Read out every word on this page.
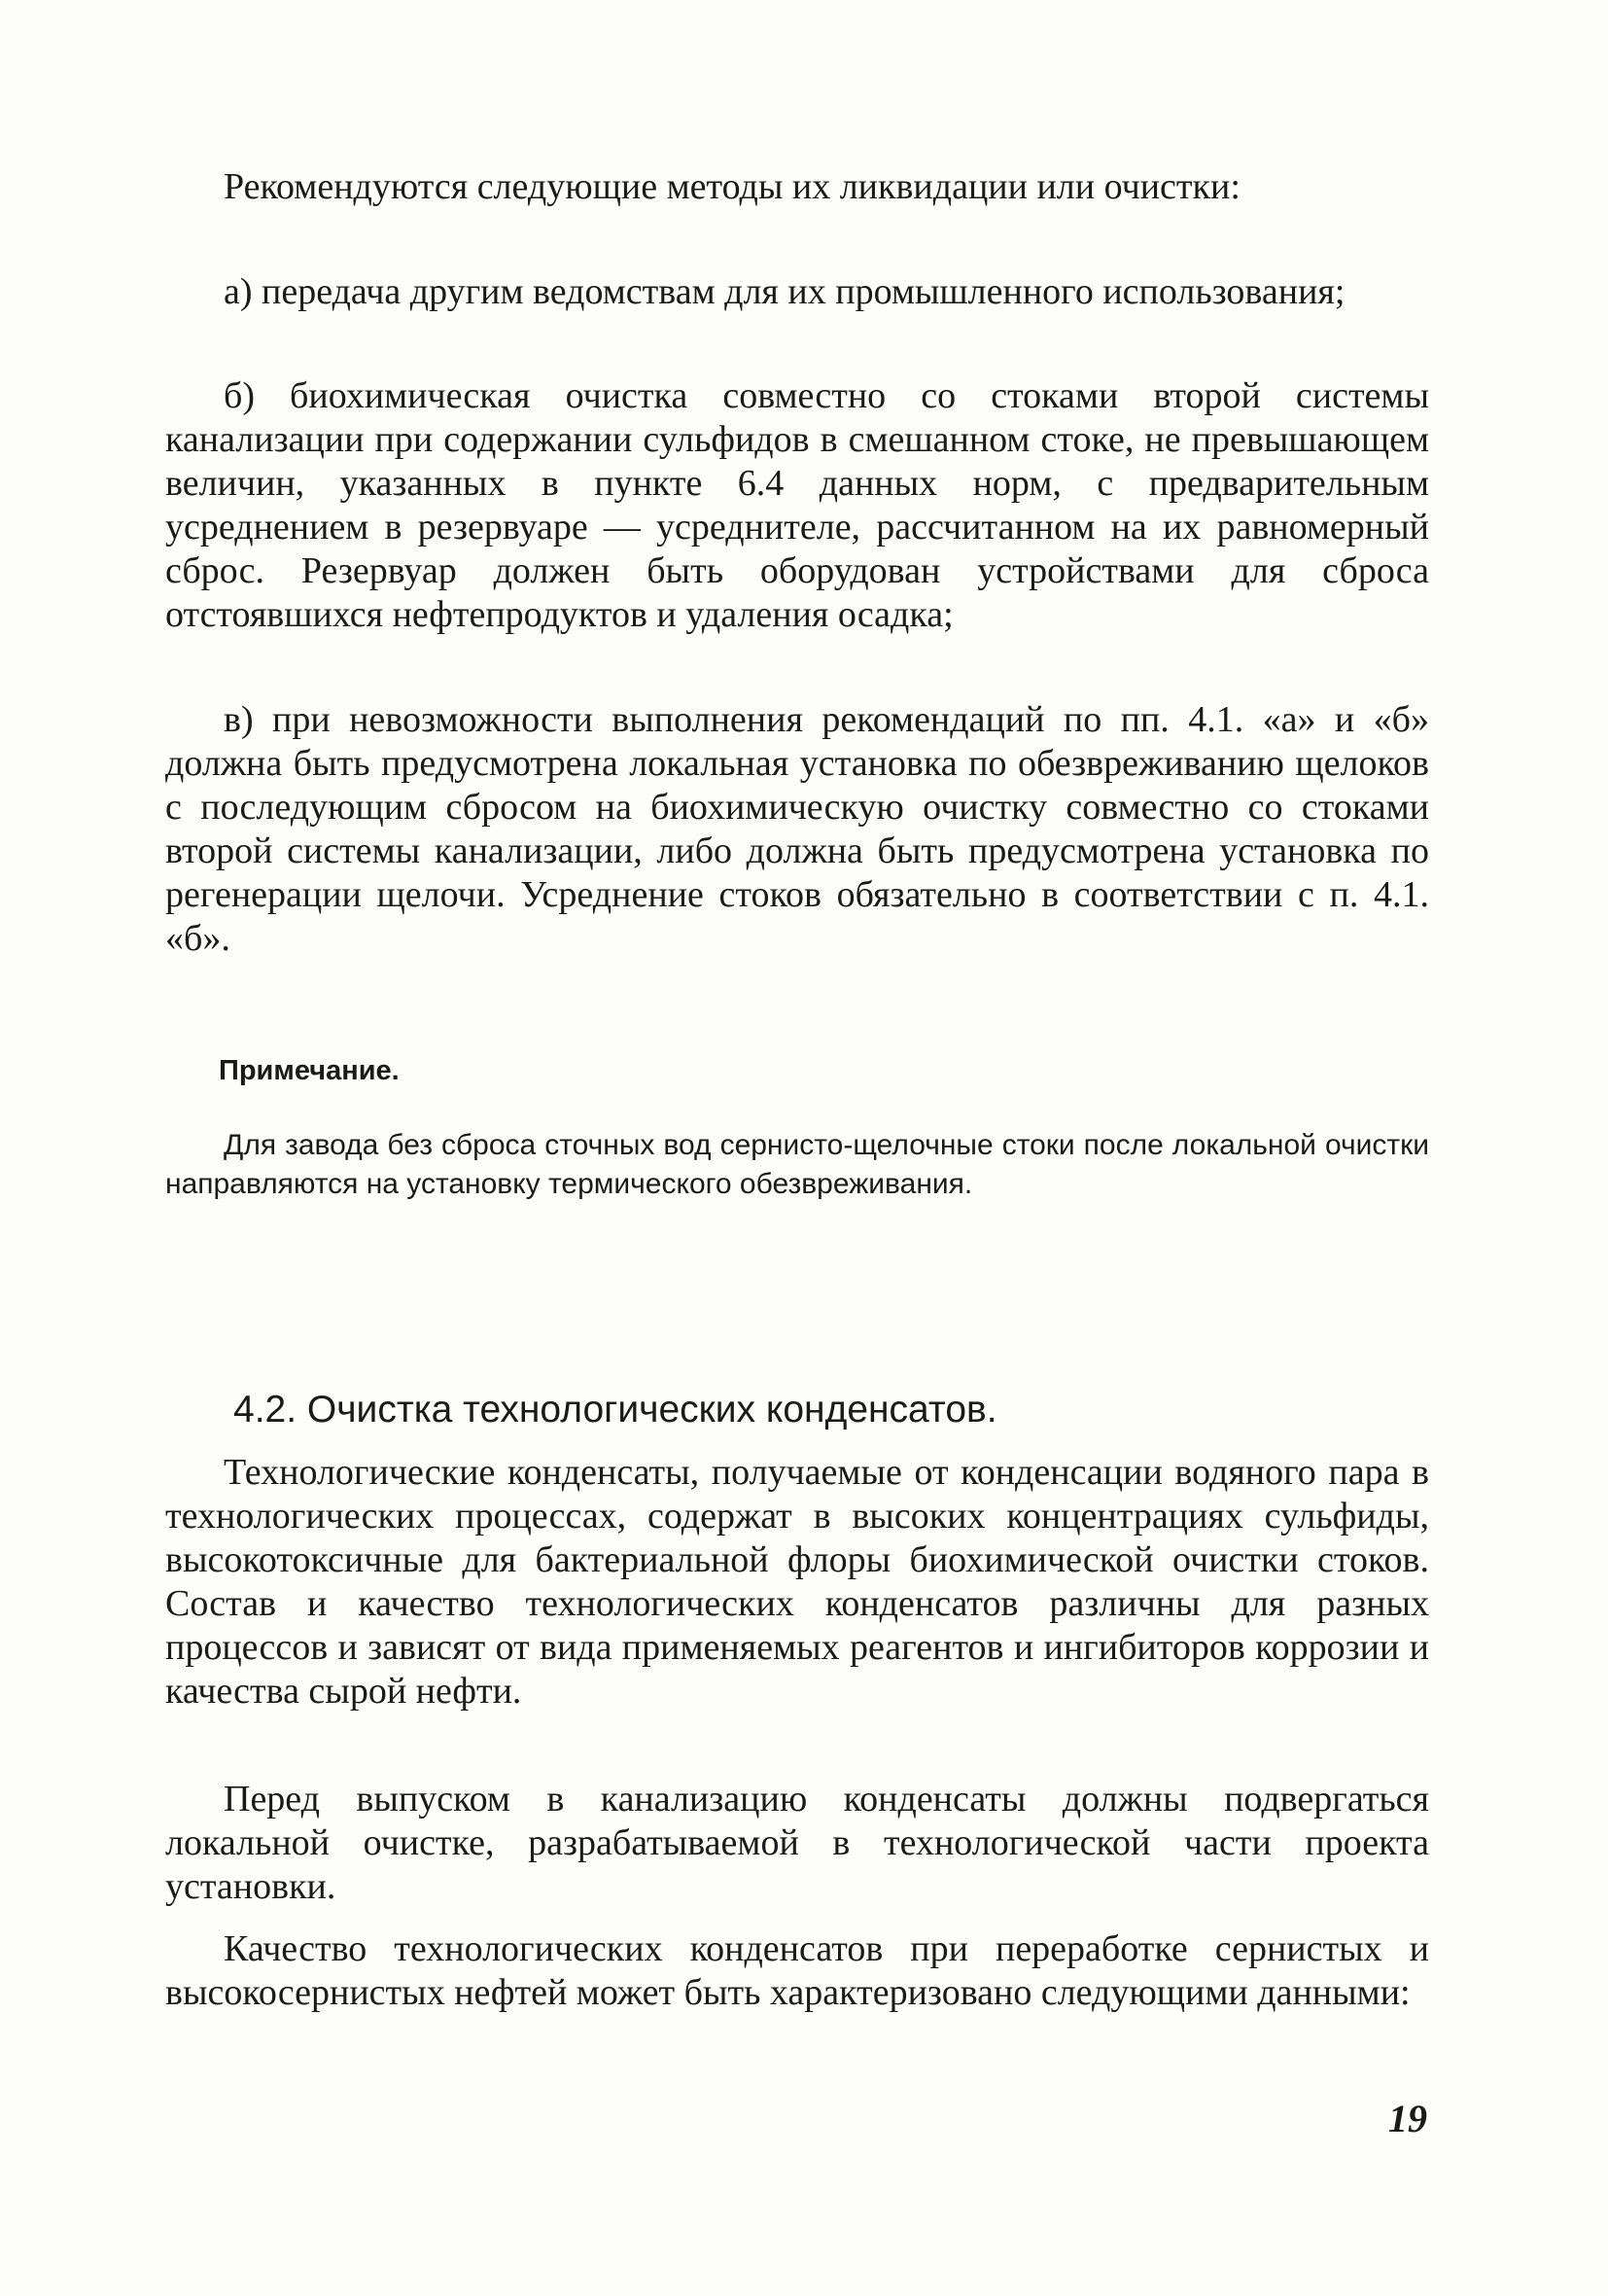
Рекомендуются следующие методы их ликвидации или очистки:

а) передача другим ведомствам для их промышленного использования;

б) биохимическая очистка совместно со стоками второй системы канализации при содержании сульфидов в смешанном стоке, не превышающем величин, указанных в пункте 6.4 данных норм, с предварительным усреднением в резервуаре — усреднителе, рассчитанном на их равномерный сброс. Резервуар должен быть оборудован устройствами для сброса отстоявшихся нефтепродуктов и удаления осадка;

в) при невозможности выполнения рекомендаций по пп. 4.1. «а» и «б» должна быть предусмотрена локальная установка по обезвреживанию щелоков с последующим сбросом на биохимическую очистку совместно со стоками второй системы канализации, либо должна быть предусмотрена установка по регенерации щелочи. Усреднение стоков обязательно в соответствии с п. 4.1. «б».

Примечание.

Для завода без сброса сточных вод сернисто-щелочные стоки после локальной очистки направляются на установку термического обезвреживания.

4.2. Очистка технологических конденсатов.

Технологические конденсаты, получаемые от конденсации водяного пара в технологических процессах, содержат в высоких концентрациях сульфиды, высокотоксичные для бактериальной флоры биохимической очистки стоков. Состав и качество технологических конденсатов различны для разных процессов и зависят от вида применяемых реагентов и ингибиторов коррозии и качества сырой нефти.

Перед выпуском в канализацию конденсаты должны подвергаться локальной очистке, разрабатываемой в технологической части проекта установки.

Качество технологических конденсатов при переработке сернистых и высокосернистых нефтей может быть характеризовано следующими данными:

19
